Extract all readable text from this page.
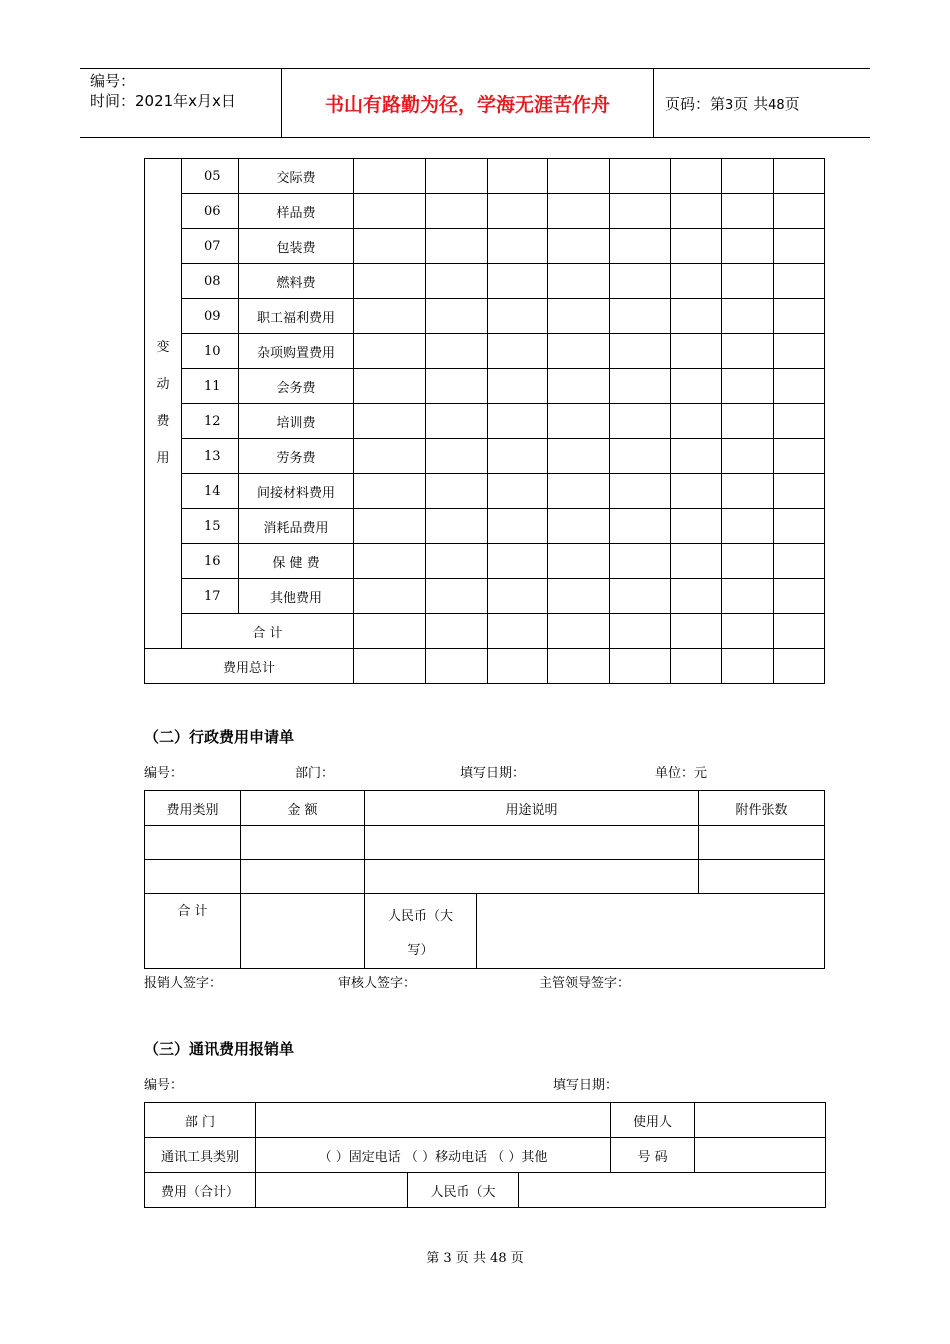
编号：
时间：2021年x月x日	书山有路勤为径，学海无涯苦作舟	页码：第3页 共48页
变
动
费
用	05	交际费								
	06	样品费								
	07	包装费								
	08	燃料费								
	09	职工福利费用								
	10	杂项购置费用								
	11	会务费								
	12	培训费								
	13	劳务费								
	14	间接材料费用								
	15	消耗品费用								
	16	保 健 费								
	17	其他费用								
	合 计									
费用总计										
（二）行政费用申请单
编号：	部门：	填写日期：	单位：元
费用类别	金 额	用途说明		附件张数

合 计		人民币（大写）		
报销人签字：	审核人签字：	主管领导签字：
（三）通讯费用报销单
编号：	填写日期：
部 门				使用人	
通讯工具类别	（ ）固定电话 （ ）移动电话 （ ）其他			号 码	
费用（合计）		人民币（大			
第 3 页 共 48 页
